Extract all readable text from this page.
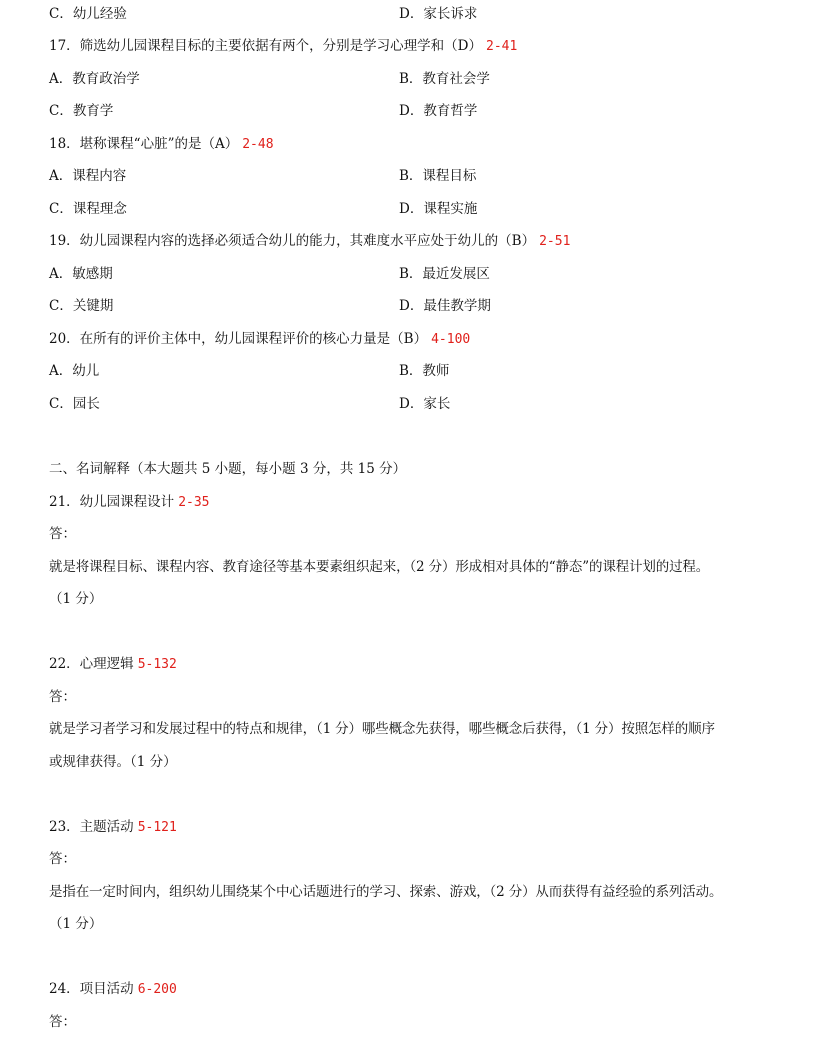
C．幼儿经验	D．家长诉求
17．筛选幼儿园课程目标的主要依据有两个，分别是学习心理学和（D） 2-41
A．教育政治学	B．教育社会学
C．教育学	D．教育哲学
18．堪称课程“心脏”的是（A） 2-48
A．课程内容	B．课程目标
C．课程理念	D．课程实施
19．幼儿园课程内容的选择必须适合幼儿的能力，其难度水平应处于幼儿的（B） 2-51
A．敏感期	B．最近发展区
C．关键期	D．最佳教学期
20．在所有的评价主体中，幼儿园课程评价的核心力量是（B） 4-100
A．幼儿	B．教师
C．园长	D．家长
二、名词解释（本大题共 5 小题，每小题 3 分，共 15 分）
21．幼儿园课程设计 2-35
答：
就是将课程目标、课程内容、教育途径等基本要素组织起来，（2 分）形成相对具体的“静态”的课程计划的过程。
（1 分）
22．心理逻辑 5-132
答：
就是学习者学习和发展过程中的特点和规律，（1 分）哪些概念先获得，哪些概念后获得，（1 分）按照怎样的顺序
或规律获得。（1 分）
23．主题活动 5-121
答：
是指在一定时间内，组织幼儿围绕某个中心话题进行的学习、探索、游戏，（2 分）从而获得有益经验的系列活动。
（1 分）
24．项目活动 6-200
答：
